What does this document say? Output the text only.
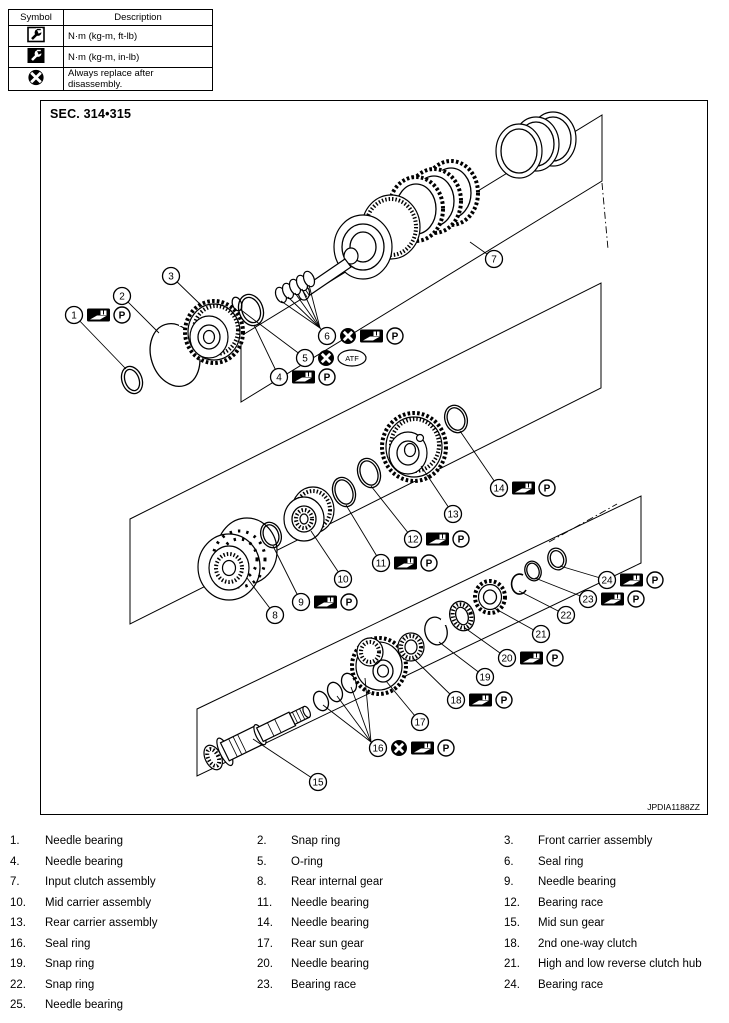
Symbol	Description
	N·m (kg-m, ft-lb)
	N·m (kg-m, in-lb)
	Always replace after disassembly.
SEC. 314•315
1	P
2
3
4	P
5	ATF
6	P
7
8
9	P
10
11	P
12	P
13
14	P
15
16	P
17
18	P
19
20	P
21
22
23	P
24	P
JPDIA1188ZZ
1.	Needle bearing	2.	Snap ring	3.	Front carrier assembly
4.	Needle bearing	5.	O-ring	6.	Seal ring
7.	Input clutch assembly	8.	Rear internal gear	9.	Needle bearing
10.	Mid carrier assembly	11.	Needle bearing	12.	Bearing race
13.	Rear carrier assembly	14.	Needle bearing	15.	Mid sun gear
16.	Seal ring	17.	Rear sun gear	18.	2nd one-way clutch
19.	Snap ring	20.	Needle bearing	21.	High and low reverse clutch hub
22.	Snap ring	23.	Bearing race	24.	Bearing race
25.	Needle bearing
